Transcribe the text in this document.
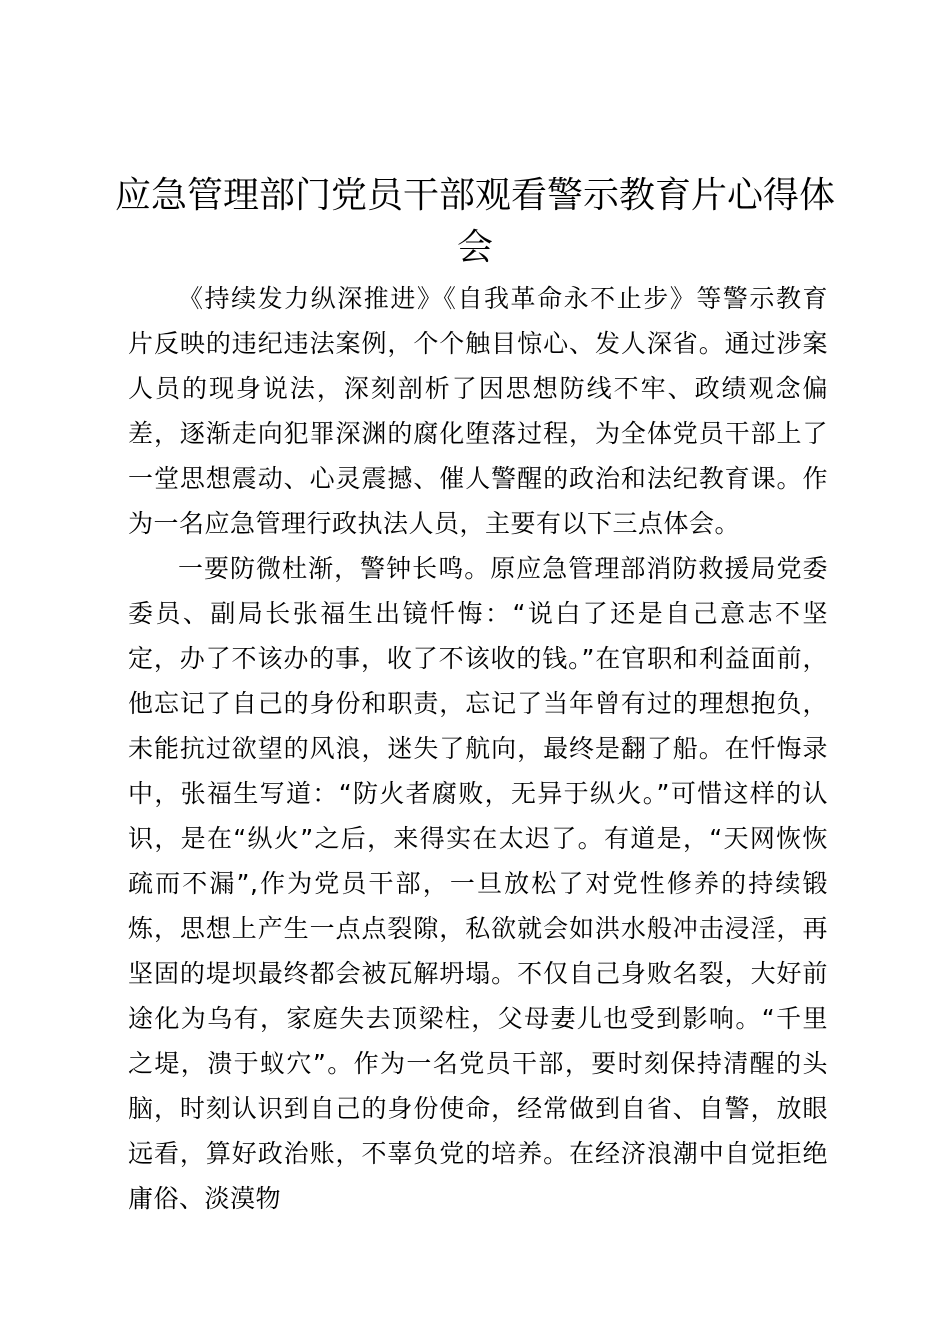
应急管理部门党员干部观看警示教育片心得体会

《持续发力纵深推进》《自我革命永不止步》等警示教育片反映的违纪违法案例，个个触目惊心、发人深省。通过涉案人员的现身说法，深刻剖析了因思想防线不牢、政绩观念偏差，逐渐走向犯罪深渊的腐化堕落过程，为全体党员干部上了一堂思想震动、心灵震撼、催人警醒的政治和法纪教育课。作为一名应急管理行政执法人员，主要有以下三点体会。

一要防微杜渐，警钟长鸣。原应急管理部消防救援局党委委员、副局长张福生出镜忏悔：“说白了还是自己意志不坚定，办了不该办的事，收了不该收的钱。”在官职和利益面前，他忘记了自己的身份和职责，忘记了当年曾有过的理想抱负，未能抗过欲望的风浪，迷失了航向，最终是翻了船。在忏悔录中，张福生写道：“防火者腐败，无异于纵火。”可惜这样的认识，是在“纵火”之后，来得实在太迟了。有道是，“天网恢恢疏而不漏”,作为党员干部，一旦放松了对党性修养的持续锻炼，思想上产生一点点裂隙，私欲就会如洪水般冲击浸淫，再坚固的堤坝最终都会被瓦解坍塌。不仅自己身败名裂，大好前途化为乌有，家庭失去顶梁柱，父母妻儿也受到影响。“千里之堤，溃于蚁穴”。作为一名党员干部，要时刻保持清醒的头脑，时刻认识到自己的身份使命，经常做到自省、自警，放眼远看，算好政治账，不辜负党的培养。在经济浪潮中自觉拒绝庸俗、淡漠物
